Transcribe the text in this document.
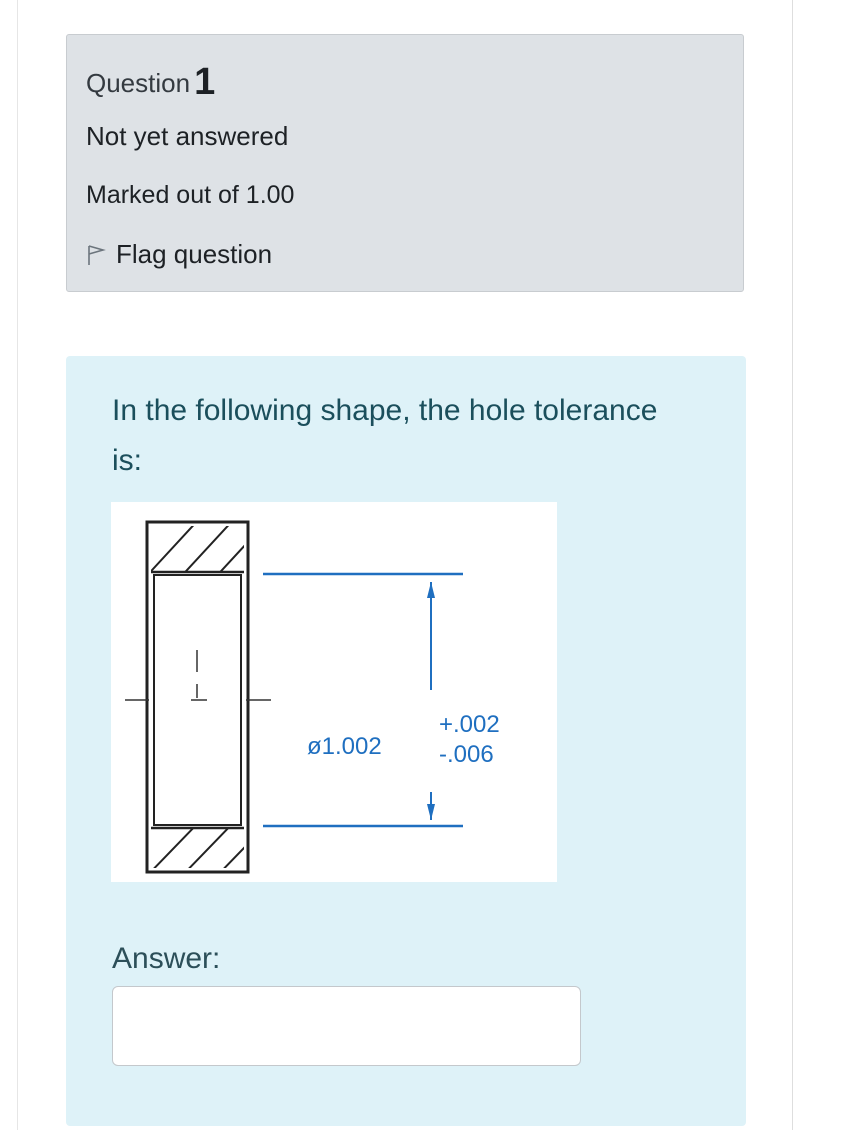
Question 1
Not yet answered
Marked out of 1.00
Flag question

In the following shape, the hole tolerance is:

ø1.002
+.002
-.006
Answer:
